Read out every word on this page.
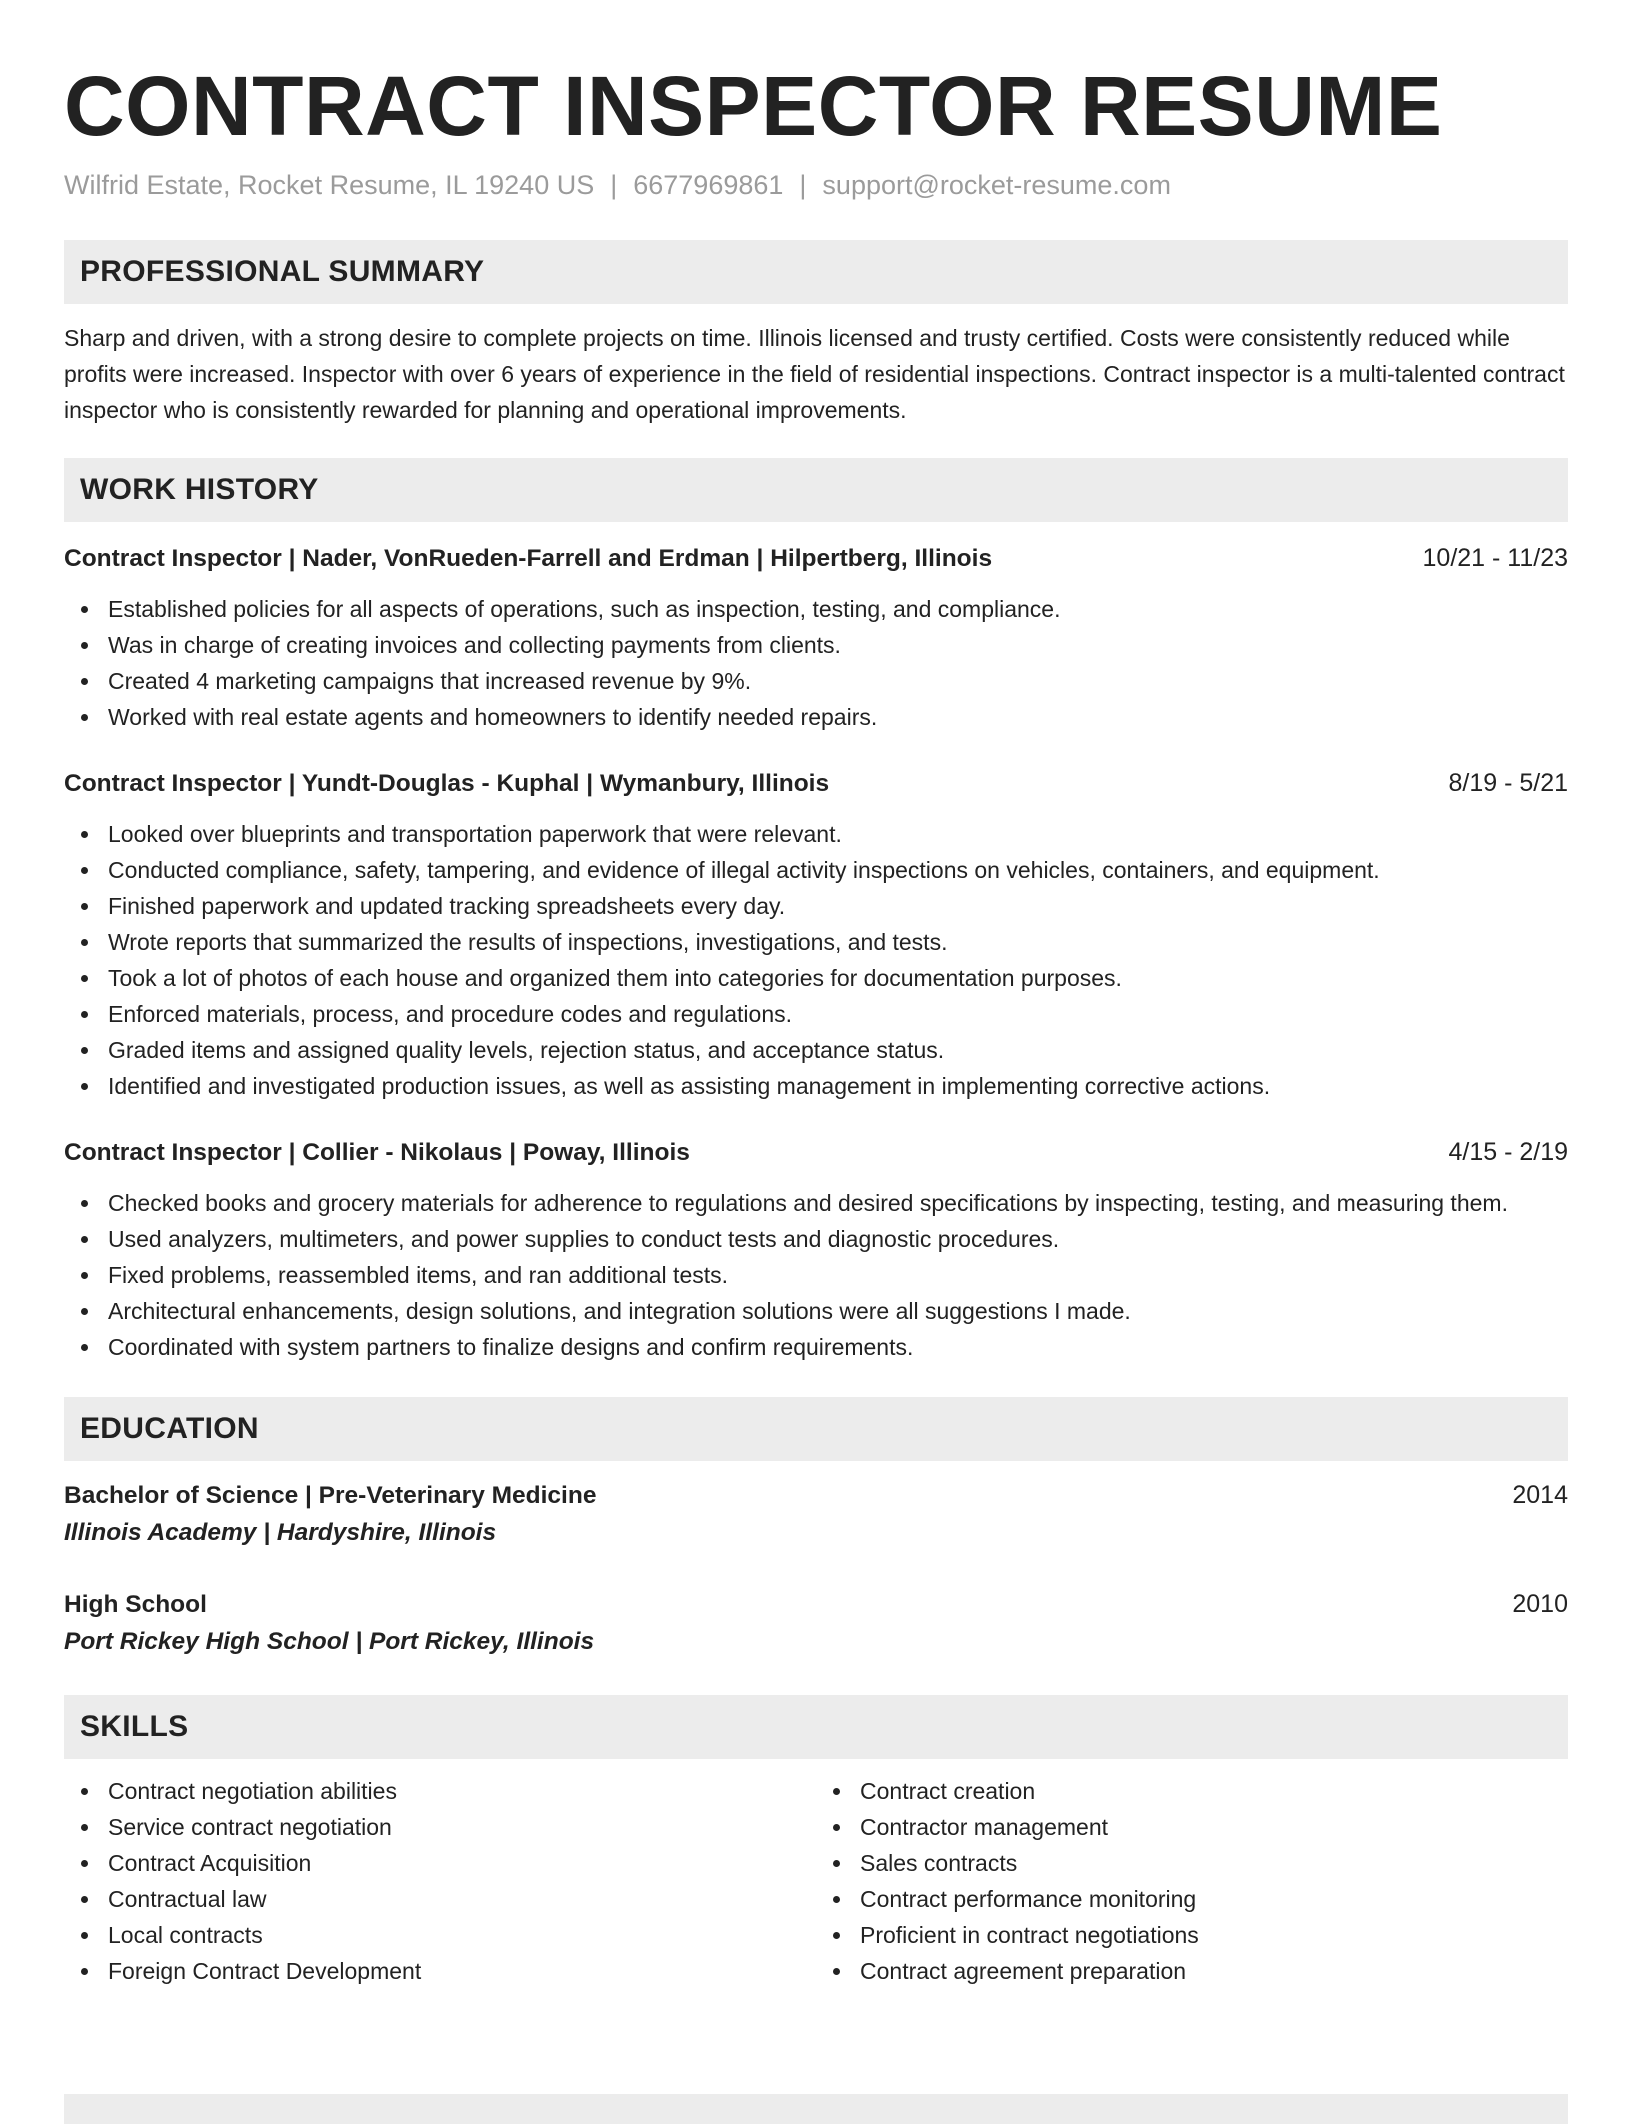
CONTRACT INSPECTOR RESUME
Wilfrid Estate, Rocket Resume, IL 19240 US | 6677969861 | support@rocket-resume.com
PROFESSIONAL SUMMARY

Sharp and driven, with a strong desire to complete projects on time. Illinois licensed and trusty certified. Costs were consistently reduced while profits were increased. Inspector with over 6 years of experience in the field of residential inspections. Contract inspector is a multi-talented contract inspector who is consistently rewarded for planning and operational improvements.

WORK HISTORY
Contract Inspector | Nader, VonRueden-Farrell and Erdman | Hilpertberg, Illinois	10/21 - 11/23
Established policies for all aspects of operations, such as inspection, testing, and compliance.
Was in charge of creating invoices and collecting payments from clients.
Created 4 marketing campaigns that increased revenue by 9%.
Worked with real estate agents and homeowners to identify needed repairs.
Contract Inspector | Yundt-Douglas - Kuphal | Wymanbury, Illinois	8/19 - 5/21
Looked over blueprints and transportation paperwork that were relevant.
Conducted compliance, safety, tampering, and evidence of illegal activity inspections on vehicles, containers, and equipment.
Finished paperwork and updated tracking spreadsheets every day.
Wrote reports that summarized the results of inspections, investigations, and tests.
Took a lot of photos of each house and organized them into categories for documentation purposes.
Enforced materials, process, and procedure codes and regulations.
Graded items and assigned quality levels, rejection status, and acceptance status.
Identified and investigated production issues, as well as assisting management in implementing corrective actions.
Contract Inspector | Collier - Nikolaus | Poway, Illinois	4/15 - 2/19
Checked books and grocery materials for adherence to regulations and desired specifications by inspecting, testing, and measuring them.
Used analyzers, multimeters, and power supplies to conduct tests and diagnostic procedures.
Fixed problems, reassembled items, and ran additional tests.
Architectural enhancements, design solutions, and integration solutions were all suggestions I made.
Coordinated with system partners to finalize designs and confirm requirements.
EDUCATION
Bachelor of Science | Pre-Veterinary Medicine	2014
Illinois Academy | Hardyshire, Illinois
High School	2010
Port Rickey High School | Port Rickey, Illinois
SKILLS
Contract negotiation abilities
Service contract negotiation
Contract Acquisition
Contractual law
Local contracts
Foreign Contract Development
Contract creation
Contractor management
Sales contracts
Contract performance monitoring
Proficient in contract negotiations
Contract agreement preparation
